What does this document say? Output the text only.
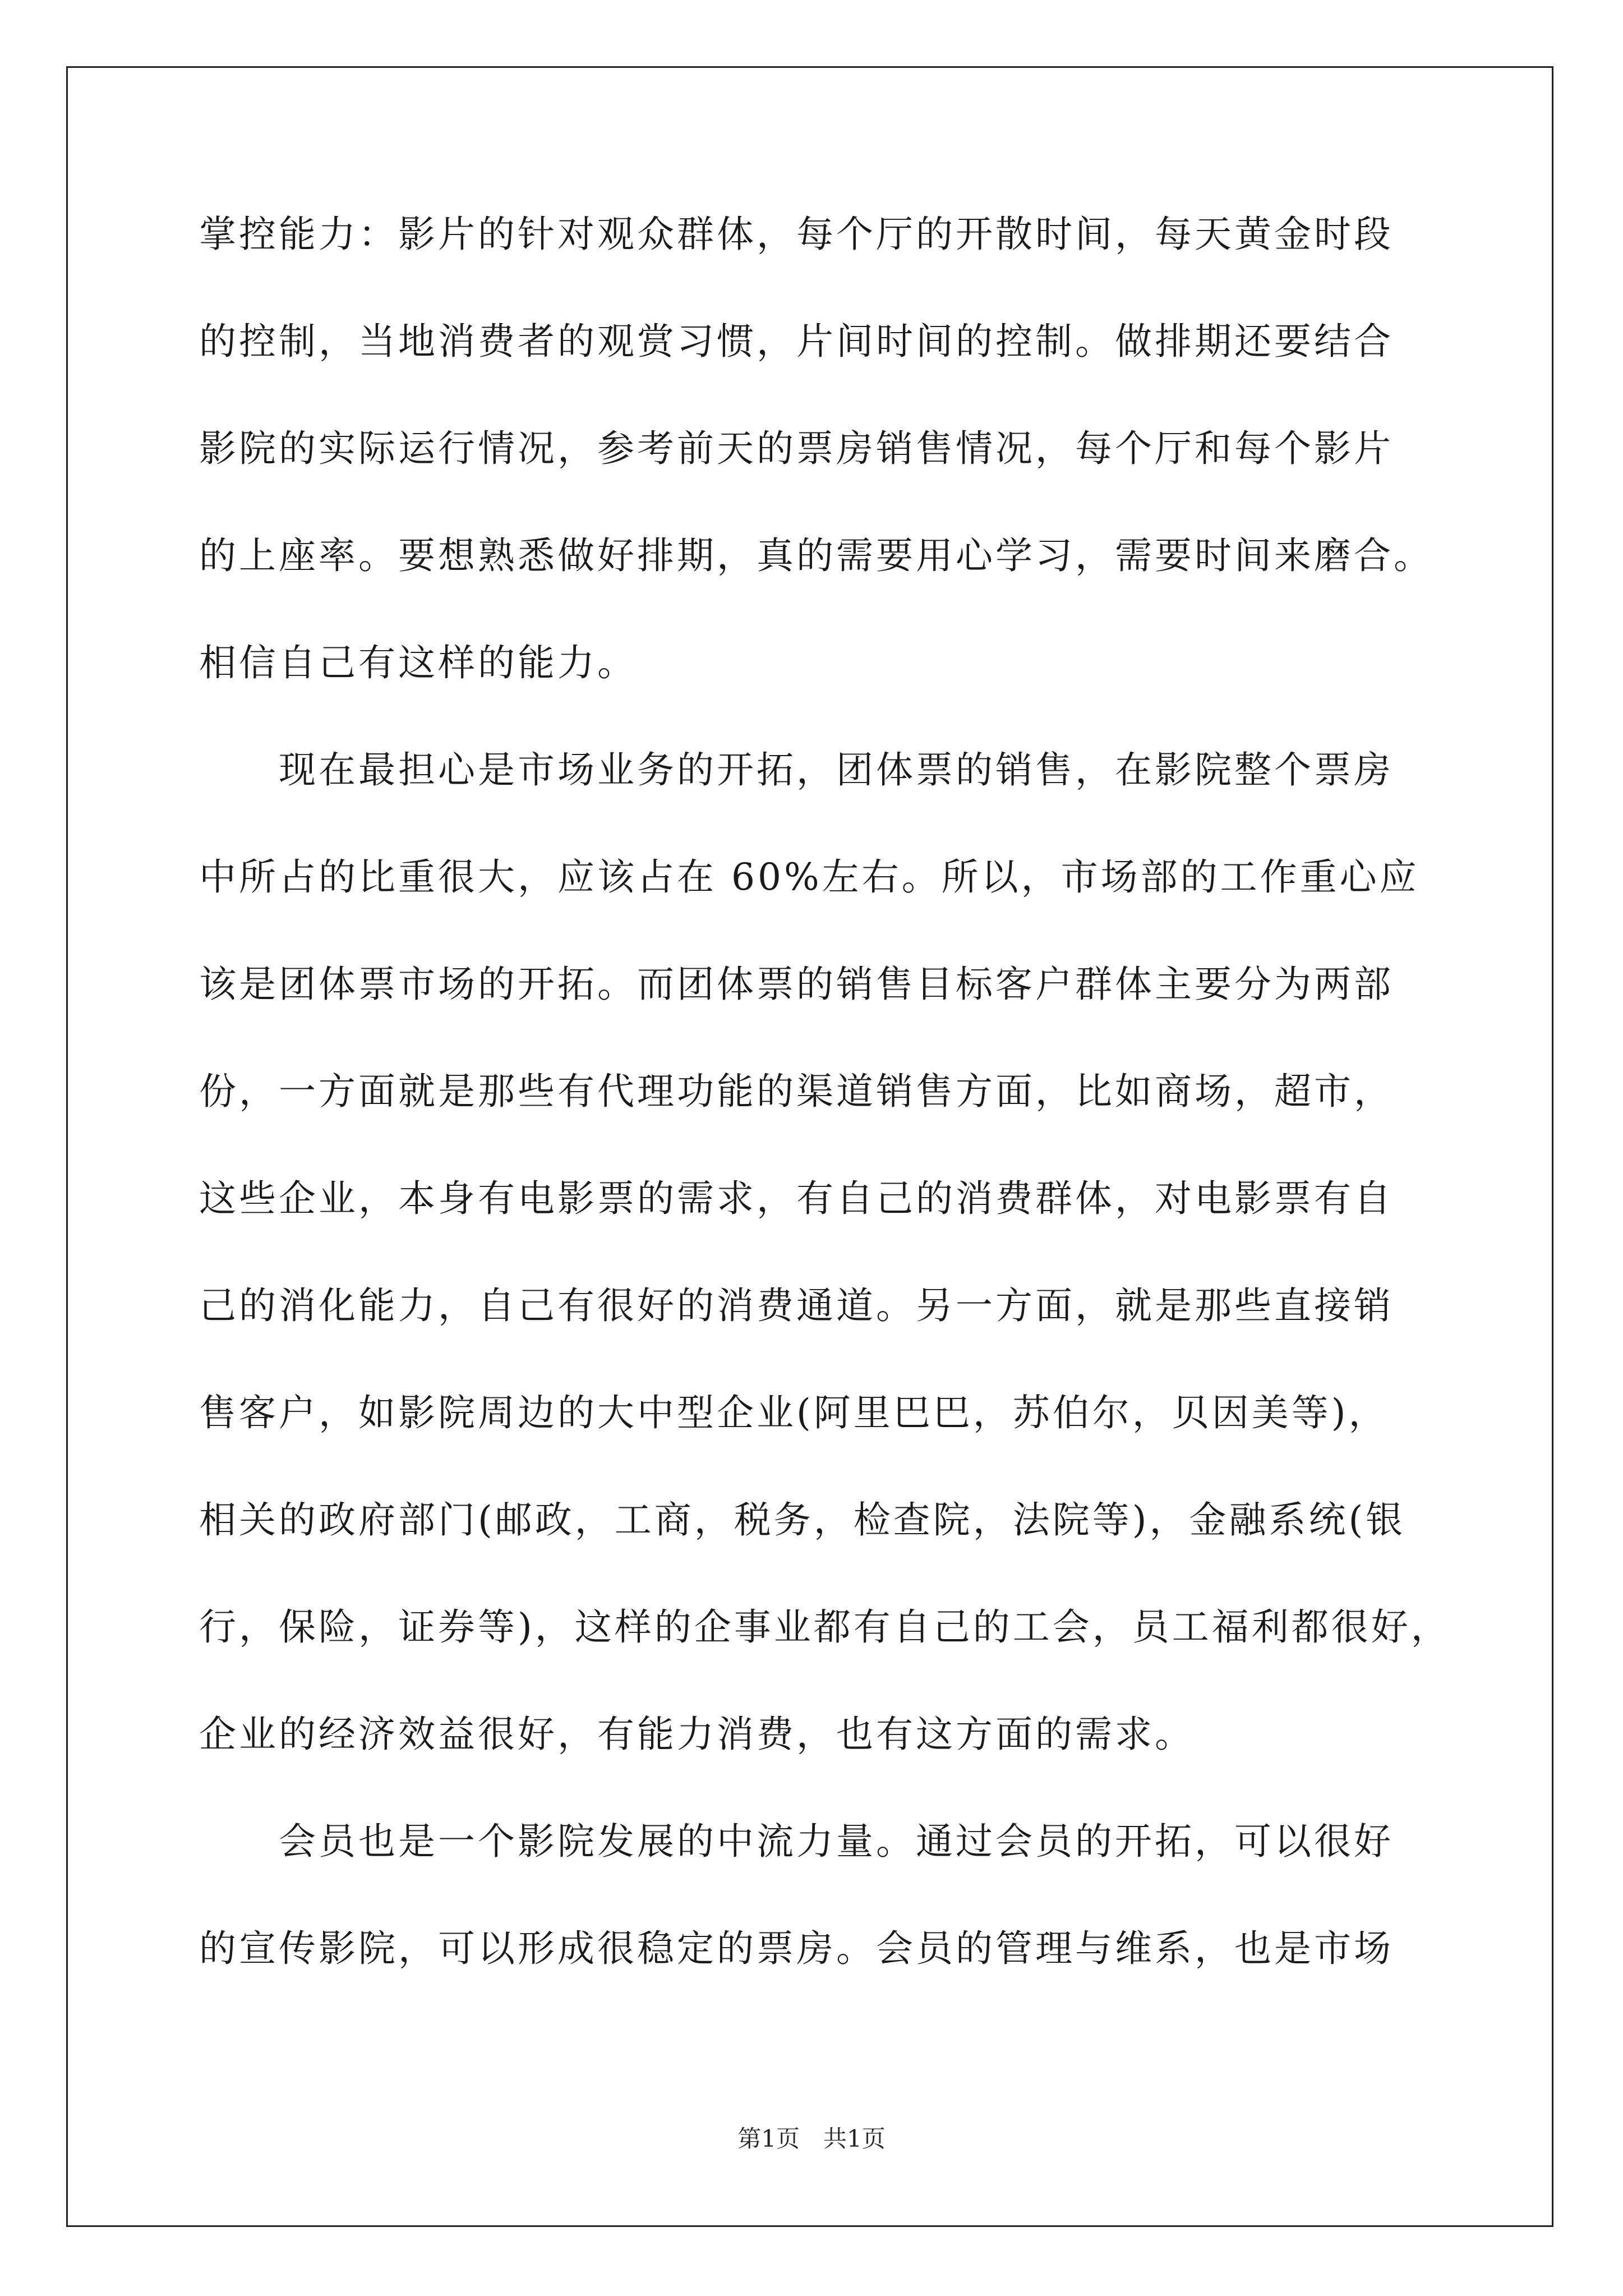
掌控能力：影片的针对观众群体，每个厅的开散时间，每天黄金时段
的控制，当地消费者的观赏习惯，片间时间的控制。做排期还要结合
影院的实际运行情况，参考前天的票房销售情况，每个厅和每个影片
的上座率。要想熟悉做好排期，真的需要用心学习，需要时间来磨合。
相信自己有这样的能力。
　　现在最担心是市场业务的开拓，团体票的销售，在影院整个票房
中所占的比重很大，应该占在 60%左右。所以，市场部的工作重心应
该是团体票市场的开拓。而团体票的销售目标客户群体主要分为两部
份，一方面就是那些有代理功能的渠道销售方面，比如商场，超市，
这些企业，本身有电影票的需求，有自己的消费群体，对电影票有自
己的消化能力，自己有很好的消费通道。另一方面，就是那些直接销
售客户，如影院周边的大中型企业(阿里巴巴，苏伯尔，贝因美等)，
相关的政府部门(邮政，工商，税务，检查院，法院等)，金融系统(银
行，保险，证券等)，这样的企事业都有自己的工会，员工福利都很好，
企业的经济效益很好，有能力消费，也有这方面的需求。
　　会员也是一个影院发展的中流力量。通过会员的开拓，可以很好
的宣传影院，可以形成很稳定的票房。会员的管理与维系，也是市场
第1页　共1页
